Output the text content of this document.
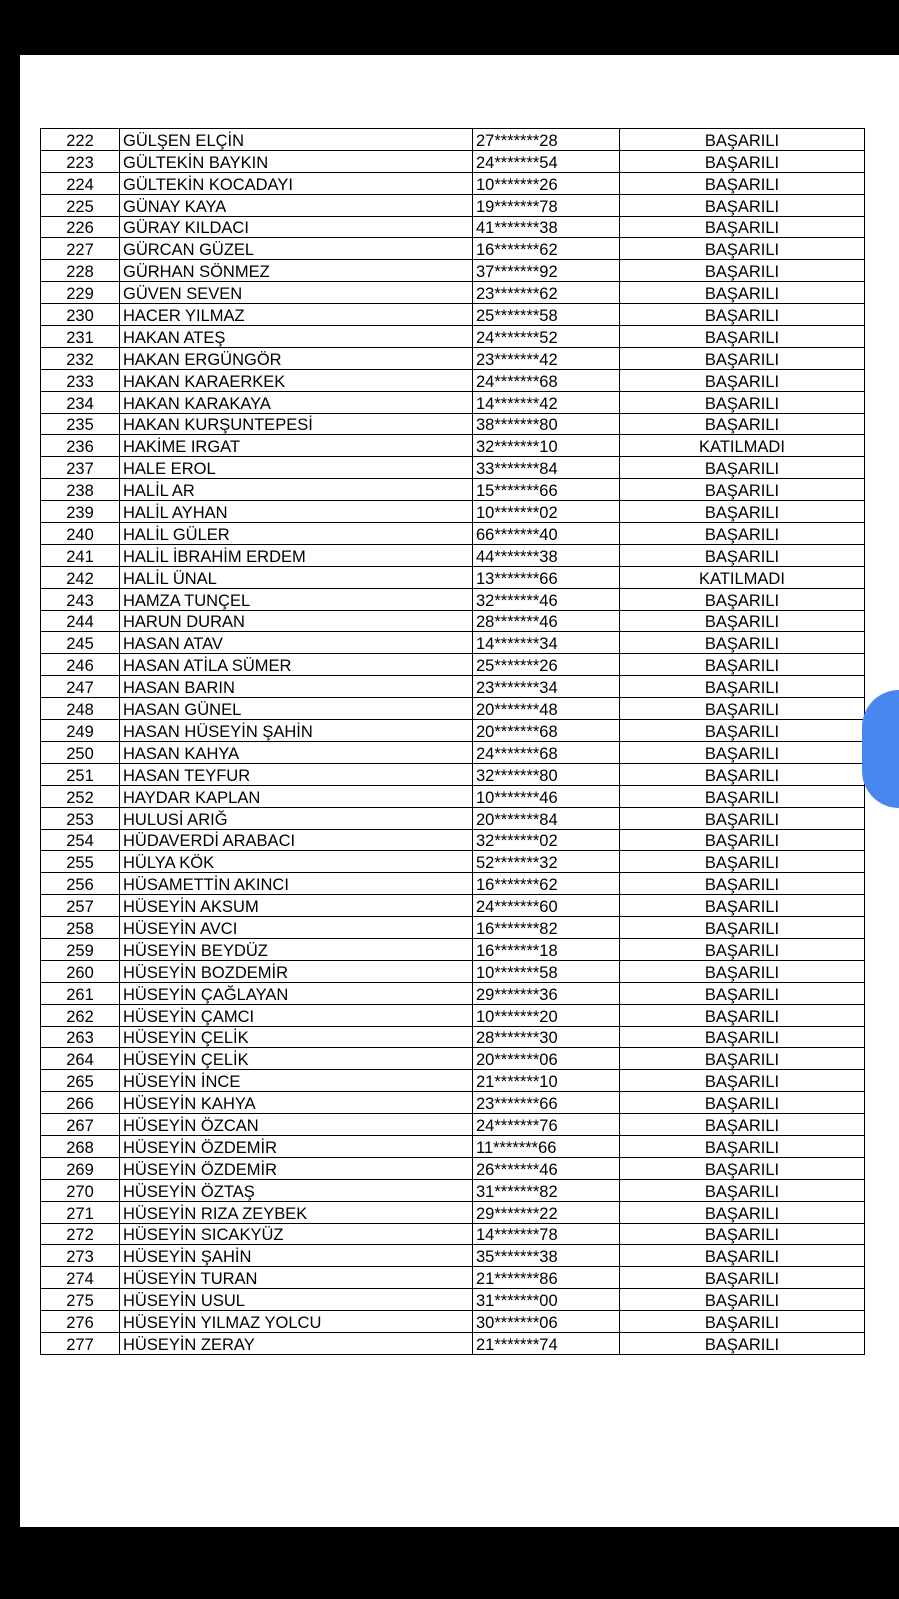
222	GÜLŞEN ELÇİN	27*******28	BAŞARILI
223	GÜLTEKİN BAYKIN	24*******54	BAŞARILI
224	GÜLTEKİN KOCADAYI	10*******26	BAŞARILI
225	GÜNAY KAYA	19*******78	BAŞARILI
226	GÜRAY KILDACI	41*******38	BAŞARILI
227	GÜRCAN GÜZEL	16*******62	BAŞARILI
228	GÜRHAN SÖNMEZ	37*******92	BAŞARILI
229	GÜVEN SEVEN	23*******62	BAŞARILI
230	HACER YILMAZ	25*******58	BAŞARILI
231	HAKAN ATEŞ	24*******52	BAŞARILI
232	HAKAN ERGÜNGÖR	23*******42	BAŞARILI
233	HAKAN KARAERKEK	24*******68	BAŞARILI
234	HAKAN KARAKAYA	14*******42	BAŞARILI
235	HAKAN KURŞUNTEPESİ	38*******80	BAŞARILI
236	HAKİME IRGAT	32*******10	KATILMADI
237	HALE EROL	33*******84	BAŞARILI
238	HALİL AR	15*******66	BAŞARILI
239	HALİL AYHAN	10*******02	BAŞARILI
240	HALİL GÜLER	66*******40	BAŞARILI
241	HALİL İBRAHİM ERDEM	44*******38	BAŞARILI
242	HALİL ÜNAL	13*******66	KATILMADI
243	HAMZA TUNÇEL	32*******46	BAŞARILI
244	HARUN DURAN	28*******46	BAŞARILI
245	HASAN ATAV	14*******34	BAŞARILI
246	HASAN ATİLA SÜMER	25*******26	BAŞARILI
247	HASAN BARIN	23*******34	BAŞARILI
248	HASAN GÜNEL	20*******48	BAŞARILI
249	HASAN HÜSEYİN ŞAHİN	20*******68	BAŞARILI
250	HASAN KAHYA	24*******68	BAŞARILI
251	HASAN TEYFUR	32*******80	BAŞARILI
252	HAYDAR KAPLAN	10*******46	BAŞARILI
253	HULUSİ ARIĞ	20*******84	BAŞARILI
254	HÜDAVERDİ ARABACI	32*******02	BAŞARILI
255	HÜLYA KÖK	52*******32	BAŞARILI
256	HÜSAMETTİN AKINCI	16*******62	BAŞARILI
257	HÜSEYİN AKSUM	24*******60	BAŞARILI
258	HÜSEYİN AVCI	16*******82	BAŞARILI
259	HÜSEYİN BEYDÜZ	16*******18	BAŞARILI
260	HÜSEYİN BOZDEMİR	10*******58	BAŞARILI
261	HÜSEYİN ÇAĞLAYAN	29*******36	BAŞARILI
262	HÜSEYİN ÇAMCI	10*******20	BAŞARILI
263	HÜSEYİN ÇELİK	28*******30	BAŞARILI
264	HÜSEYİN ÇELİK	20*******06	BAŞARILI
265	HÜSEYİN İNCE	21*******10	BAŞARILI
266	HÜSEYİN KAHYA	23*******66	BAŞARILI
267	HÜSEYİN ÖZCAN	24*******76	BAŞARILI
268	HÜSEYİN ÖZDEMİR	11*******66	BAŞARILI
269	HÜSEYİN ÖZDEMİR	26*******46	BAŞARILI
270	HÜSEYİN ÖZTAŞ	31*******82	BAŞARILI
271	HÜSEYİN RIZA ZEYBEK	29*******22	BAŞARILI
272	HÜSEYİN SICAKYÜZ	14*******78	BAŞARILI
273	HÜSEYİN ŞAHİN	35*******38	BAŞARILI
274	HÜSEYİN TURAN	21*******86	BAŞARILI
275	HÜSEYİN USUL	31*******00	BAŞARILI
276	HÜSEYİN YILMAZ YOLCU	30*******06	BAŞARILI
277	HÜSEYİN ZERAY	21*******74	BAŞARILI
